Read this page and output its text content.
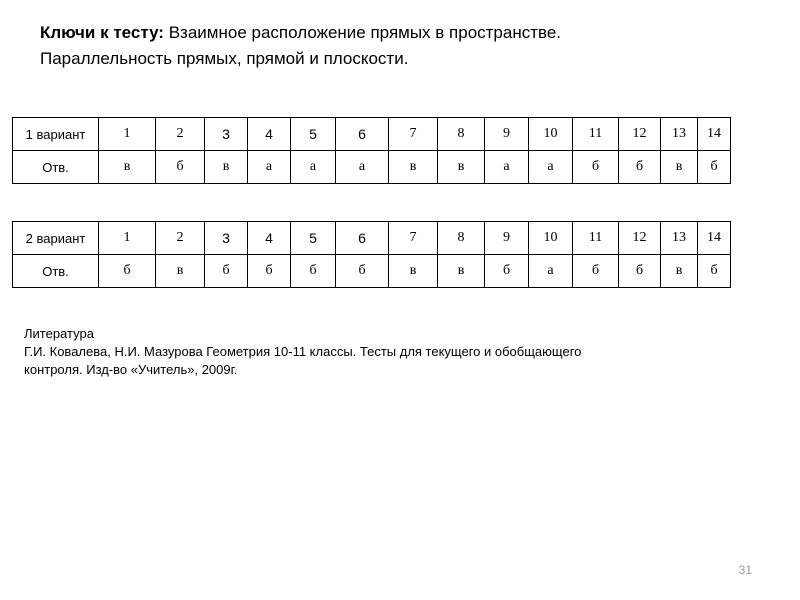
Ключи к тесту: Взаимное расположение прямых в пространстве.
Параллельность прямых, прямой и плоскости.
1 вариант	1	2	3	4	5	6	7	8	9	10	11	12	13	14
Отв.	в	б	в	а	а	а	в	в	а	а	б	б	в	б
2 вариант	1	2	3	4	5	6	7	8	9	10	11	12	13	14
Отв.	б	в	б	б	б	б	в	в	б	а	б	б	в	б
Литература
Г.И. Ковалева, Н.И. Мазурова Геометрия 10-11 классы. Тесты для текущего и обобщающего
контроля. Изд-во «Учитель», 2009г.
31
